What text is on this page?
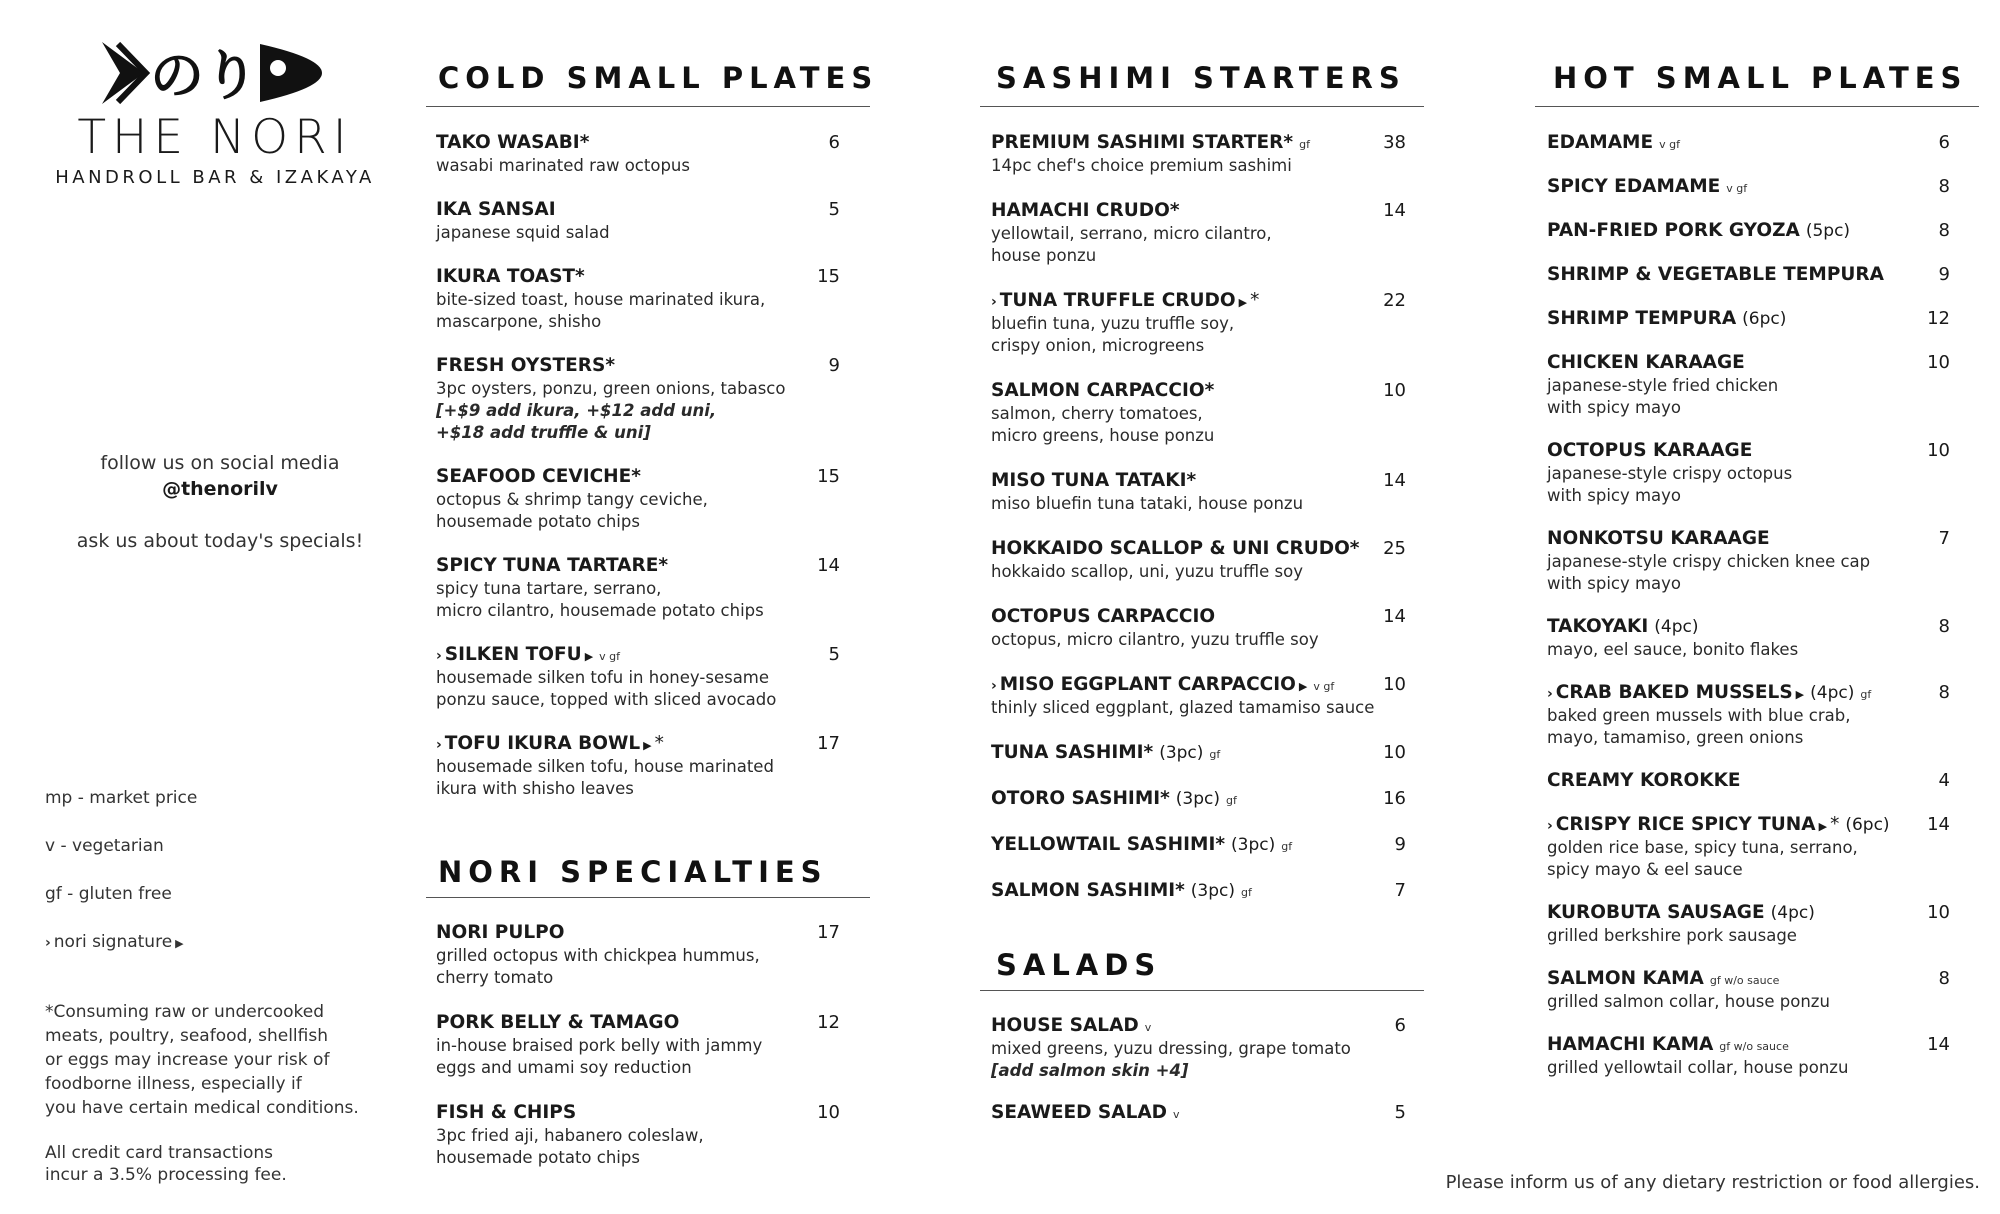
のり
THE NORI
HANDROLL BAR & IZAKAYA
follow us on social media
@thenorilv
ask us about today's specials!
mp - market price
v - vegetarian
gf - gluten free
› nori signature ▶
*Consuming raw or undercooked
meats, poultry, seafood, shellfish
or eggs may increase your risk of
foodborne illness, especially if
you have certain medical conditions.
All credit card transactions
incur a 3.5% processing fee.	Please inform us of any dietary restriction or food allergies.
COLD SMALL PLATES
TAKO WASABI*	6
wasabi marinated raw octopus
IKA SANSAI	5
japanese squid salad
IKURA TOAST*	15
bite-sized toast, house marinated ikura,
mascarpone, shisho
FRESH OYSTERS*	9
3pc oysters, ponzu, green onions, tabasco
[+$9 add ikura, +$12 add uni,
+$18 add truffle & uni]
SEAFOOD CEVICHE*	15
octopus & shrimp tangy ceviche,
housemade potato chips
SPICY TUNA TARTARE*	14
spicy tuna tartare, serrano,
micro cilantro, housemade potato chips
› SILKEN TOFU ▶ v gf	5
housemade silken tofu in honey-sesame
ponzu sauce, topped with sliced avocado
› TOFU IKURA BOWL ▶ *	17
housemade silken tofu, house marinated
ikura with shisho leaves
NORI SPECIALTIES
NORI PULPO	17
grilled octopus with chickpea hummus,
cherry tomato
PORK BELLY & TAMAGO	12
in-house braised pork belly with jammy
eggs and umami soy reduction
FISH & CHIPS	10
3pc fried aji, habanero coleslaw,
housemade potato chips
SASHIMI STARTERS
PREMIUM SASHIMI STARTER* gf	38
14pc chef's choice premium sashimi
HAMACHI CRUDO*	14
yellowtail, serrano, micro cilantro,
house ponzu
› TUNA TRUFFLE CRUDO ▶ *	22
bluefin tuna, yuzu truffle soy,
crispy onion, microgreens
SALMON CARPACCIO*	10
salmon, cherry tomatoes,
micro greens, house ponzu
MISO TUNA TATAKI*	14
miso bluefin tuna tataki, house ponzu
HOKKAIDO SCALLOP & UNI CRUDO* 25
hokkaido scallop, uni, yuzu truffle soy
OCTOPUS CARPACCIO	14
octopus, micro cilantro, yuzu truffle soy
› MISO EGGPLANT CARPACCIO ▶ v gf	10
thinly sliced eggplant, glazed tamamiso sauce
TUNA SASHIMI* (3pc) gf	10
OTORO SASHIMI* (3pc) gf	16
YELLOWTAIL SASHIMI* (3pc) gf	9
SALMON SASHIMI* (3pc) gf	7
SALADS
HOUSE SALAD v	6
mixed greens, yuzu dressing, grape tomato
[add salmon skin +4]
SEAWEED SALAD v	5
HOT SMALL PLATES
EDAMAME v gf	6
SPICY EDAMAME v gf	8
PAN-FRIED PORK GYOZA (5pc)	8
SHRIMP & VEGETABLE TEMPURA	9
SHRIMP TEMPURA (6pc)	12
CHICKEN KARAAGE	10
japanese-style fried chicken
with spicy mayo
OCTOPUS KARAAGE	10
japanese-style crispy octopus
with spicy mayo
NONKOTSU KARAAGE	7
japanese-style crispy chicken knee cap
with spicy mayo
TAKOYAKI (4pc)	8
mayo, eel sauce, bonito flakes
› CRAB BAKED MUSSELS ▶ (4pc) gf	8
baked green mussels with blue crab,
mayo, tamamiso, green onions
CREAMY KOROKKE	4
› CRISPY RICE SPICY TUNA ▶ * (6pc) 14
golden rice base, spicy tuna, serrano,
spicy mayo & eel sauce
KUROBUTA SAUSAGE (4pc)	10
grilled berkshire pork sausage
SALMON KAMA gf w/o sauce	8
grilled salmon collar, house ponzu
HAMACHI KAMA gf w/o sauce	14
grilled yellowtail collar, house ponzu
